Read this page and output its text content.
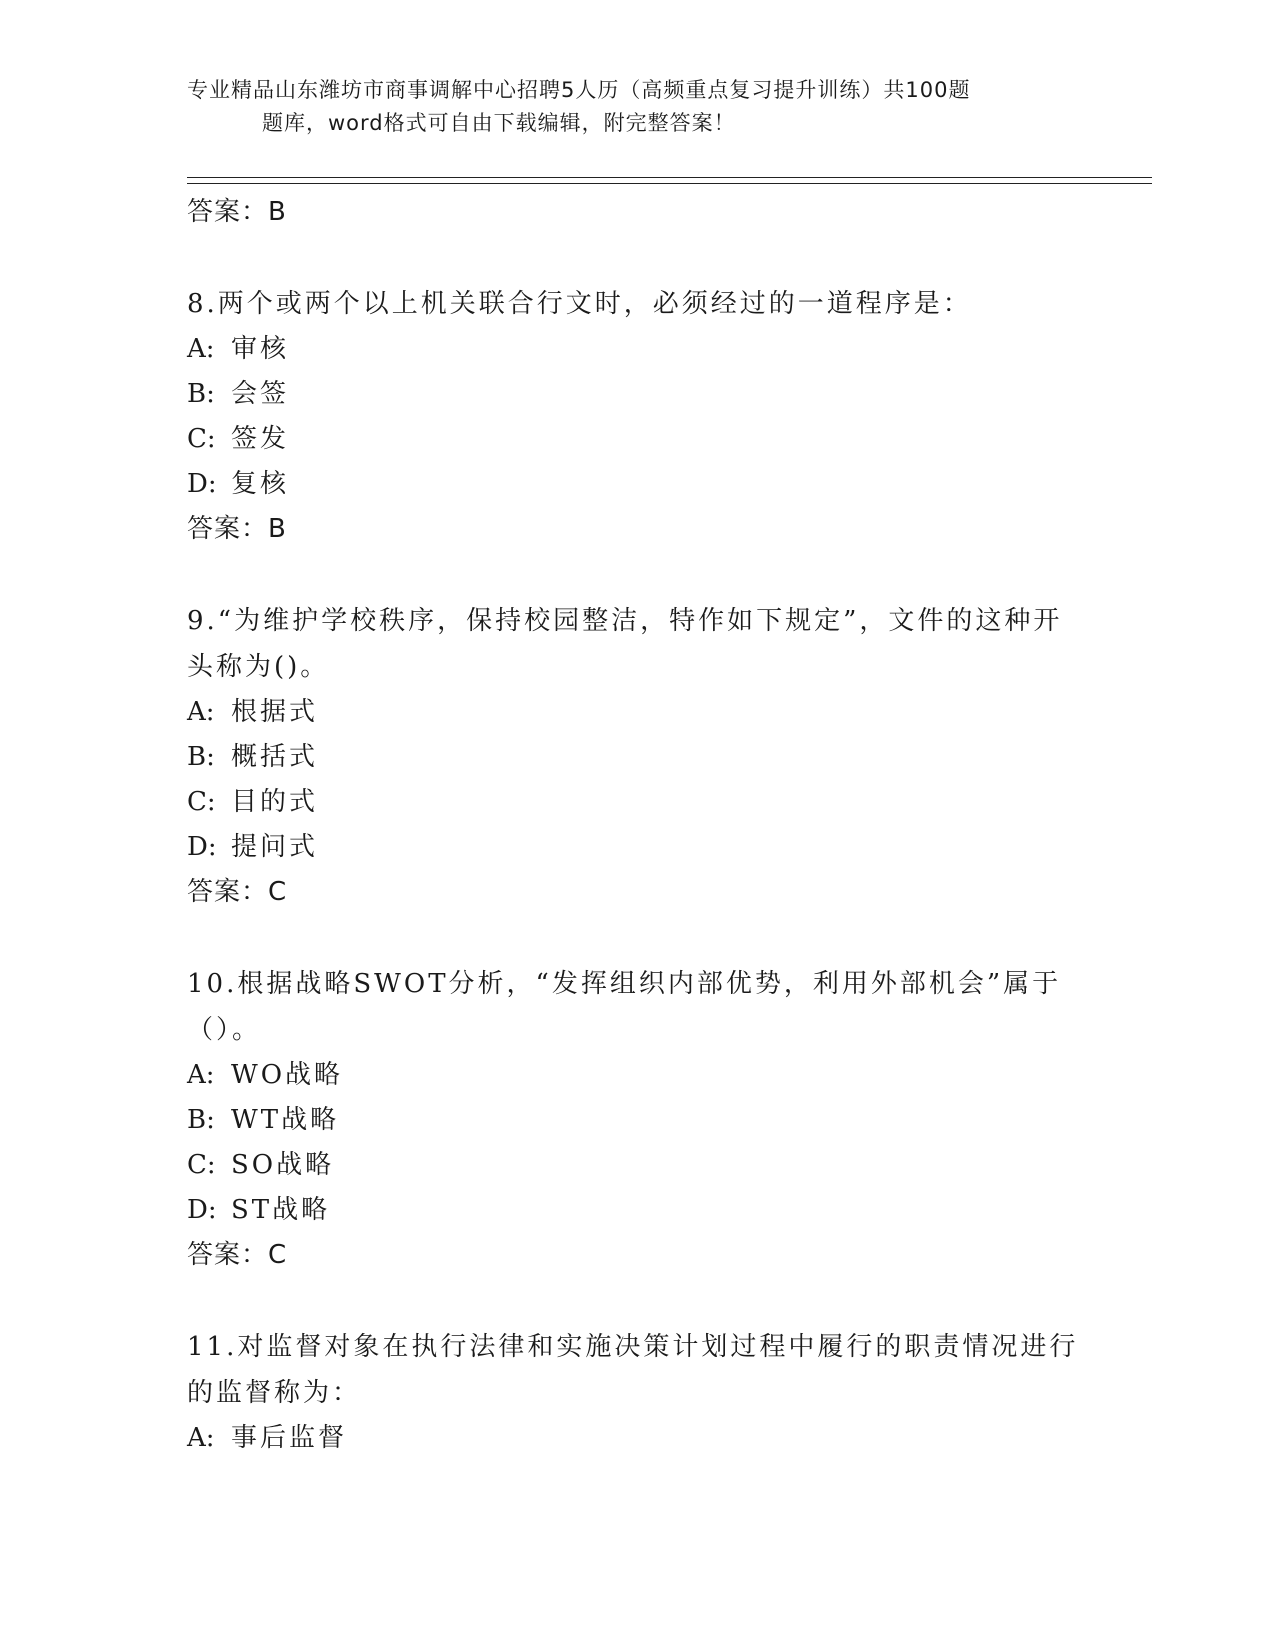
专业精品山东潍坊市商事调解中心招聘5人历（高频重点复习提升训练）共100题
题库，word格式可自由下载编辑，附完整答案！
答案：B
8.两个或两个以上机关联合行文时，必须经过的一道程序是：
A: 审核
B: 会签
C: 签发
D: 复核
答案：B
9.“为维护学校秩序，保持校园整洁，特作如下规定”，文件的这种开头称为()。
A: 根据式
B: 概括式
C: 目的式
D: 提问式
答案：C
10.根据战略SWOT分析，“发挥组织内部优势，利用外部机会”属于（）。
A: WO战略
B: WT战略
C: SO战略
D: ST战略
答案：C
11.对监督对象在执行法律和实施决策计划过程中履行的职责情况进行的监督称为：
A: 事后监督
